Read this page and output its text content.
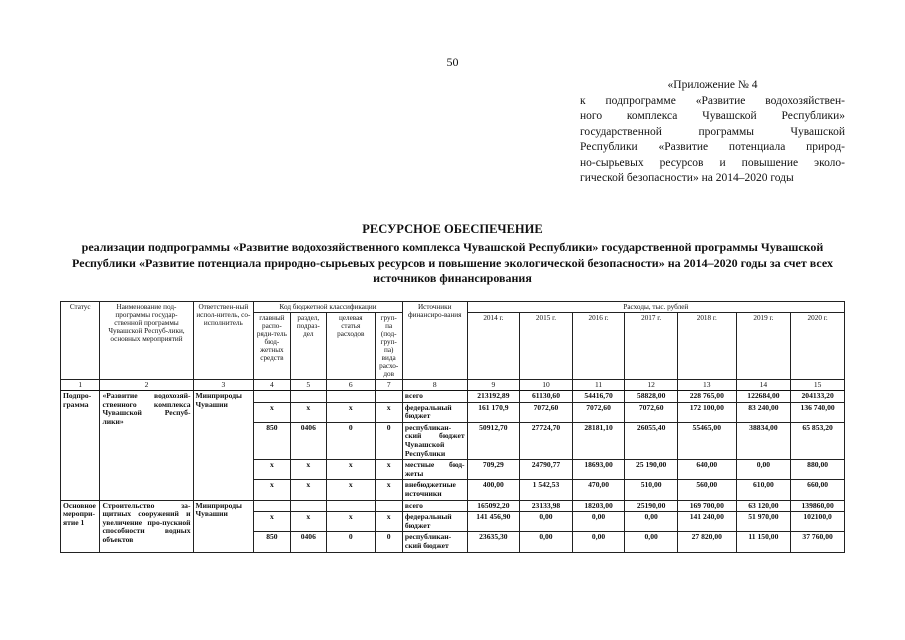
50
«Приложение № 4
к подпрограмме «Развитие водохозяйствен-
ного комплекса Чувашской Республики»
государственной программы Чувашской
Республики «Развитие потенциала природ-
но-сырьевых ресурсов и повышение эколо-
гической безопасности» на 2014–2020 годы
РЕСУРСНОЕ ОБЕСПЕЧЕНИЕ
реализации подпрограммы «Развитие водохозяйственного комплекса Чувашской Республики» государственной программы Чувашской Республики «Развитие потенциала природно-сырьевых ресурсов и повышение экологической безопасности» на 2014–2020 годы за счет всех источников финансирования
Статус	Наименование под-программы государ-ственной программы Чувашской Респуб-лики, основных мероприятий	Ответствен-ный испол-нитель, со-исполнитель	Код бюджетной классификации				Источники финансиро-вания	Расходы, тыс. рублей						
			главный распо-ряди-тель бюд-жетных средств	раздел, подраз-дел	целевая статья расходов	груп-па (под-груп-па) вида расхо-дов		2014 г.	2015 г.	2016 г.	2017 г.	2018 г.	2019 г.	2020 г.

1	2	3	4	5	6	7	8	9	10	11	12	13	14	15
Подпро-грамма	«Развитие водохозяй-ственного комплекса Чувашской Респуб-лики»	Минприроды Чувашии					всего	213192,89	61130,60	54416,70	58828,00	228 765,00	122684,00	204133,20
			x	x	x	x	федеральный бюджет	161 170,9	7072,60	7072,60	7072,60	172 100,00	83 240,00	136 740,00
			850	0406	0	0	республикан-ский бюджет Чувашской Республики	50912,70	27724,70	28181,10	26055,40	55465,00	38834,00	65 853,20
			x	x	x	x	местные бюд-жеты	709,29	24790,77	18693,00	25 190,00	640,00	0,00	880,00
			x	x	x	x	внебюджетные источники	400,00	1 542,53	470,00	510,00	560,00	610,00	660,00
Основное меропри-ятие 1	Строительство за-щитных сооружений и увеличение про-пускной способности водных объектов	Минприроды Чувашии					всего	165092,20	23133,98	18203,00	25190,00	169 700,00	63 120,00	139860,00
			x	x	x	x	федеральный бюджет	141 456,90	0,00	0,00	0,00	141 240,00	51 970,00	102100,0
			850	0406	0	0	республикан-ский бюджет	23635,30	0,00	0,00	0,00	27 820,00	11 150,00	37 760,00
